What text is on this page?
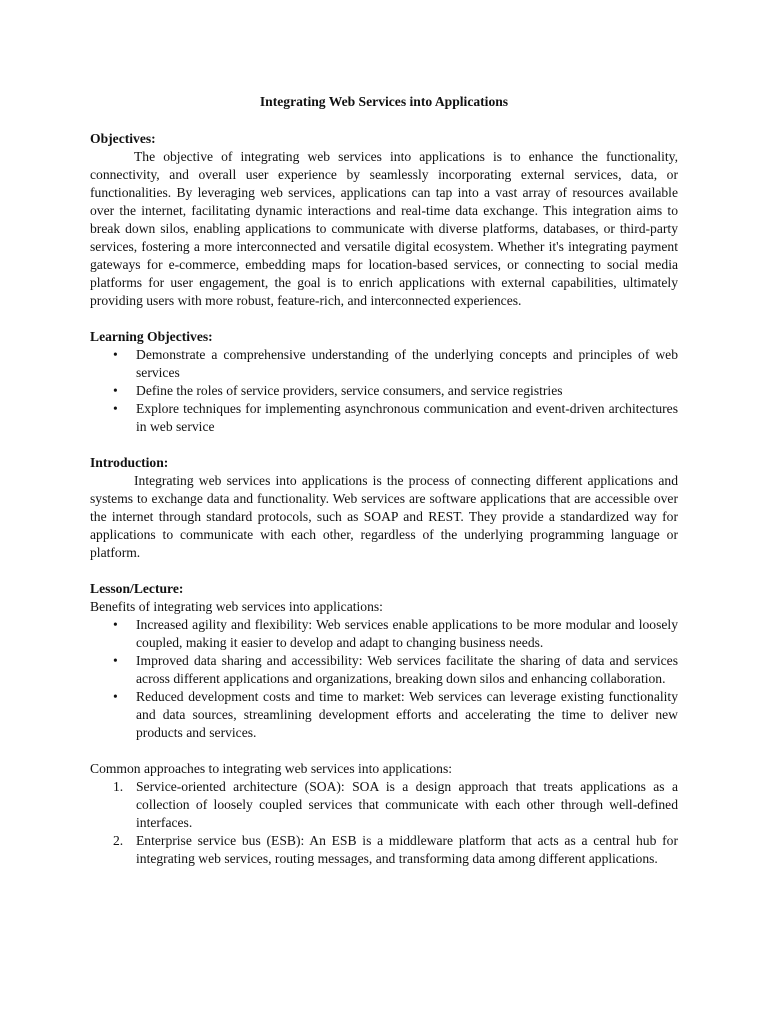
Integrating Web Services into Applications

Objectives:

The objective of integrating web services into applications is to enhance the functionality, connectivity, and overall user experience by seamlessly incorporating external services, data, or functionalities. By leveraging web services, applications can tap into a vast array of resources available over the internet, facilitating dynamic interactions and real-time data exchange. This integration aims to break down silos, enabling applications to communicate with diverse platforms, databases, or third-party services, fostering a more interconnected and versatile digital ecosystem. Whether it's integrating payment gateways for e-commerce, embedding maps for location-based services, or connecting to social media platforms for user engagement, the goal is to enrich applications with external capabilities, ultimately providing users with more robust, feature-rich, and interconnected experiences.

Learning Objectives:

• Demonstrate a comprehensive understanding of the underlying concepts and principles of web services
• Define the roles of service providers, service consumers, and service registries
• Explore techniques for implementing asynchronous communication and event-driven architectures in web service

Introduction:

Integrating web services into applications is the process of connecting different applications and systems to exchange data and functionality. Web services are software applications that are accessible over the internet through standard protocols, such as SOAP and REST. They provide a standardized way for applications to communicate with each other, regardless of the underlying programming language or platform.

Lesson/Lecture:

Benefits of integrating web services into applications:

• Increased agility and flexibility: Web services enable applications to be more modular and loosely coupled, making it easier to develop and adapt to changing business needs.
• Improved data sharing and accessibility: Web services facilitate the sharing of data and services across different applications and organizations, breaking down silos and enhancing collaboration.
• Reduced development costs and time to market: Web services can leverage existing functionality and data sources, streamlining development efforts and accelerating the time to deliver new products and services.

Common approaches to integrating web services into applications:

1. Service-oriented architecture (SOA): SOA is a design approach that treats applications as a collection of loosely coupled services that communicate with each other through well-defined interfaces.
2. Enterprise service bus (ESB): An ESB is a middleware platform that acts as a central hub for integrating web services, routing messages, and transforming data among different applications.
